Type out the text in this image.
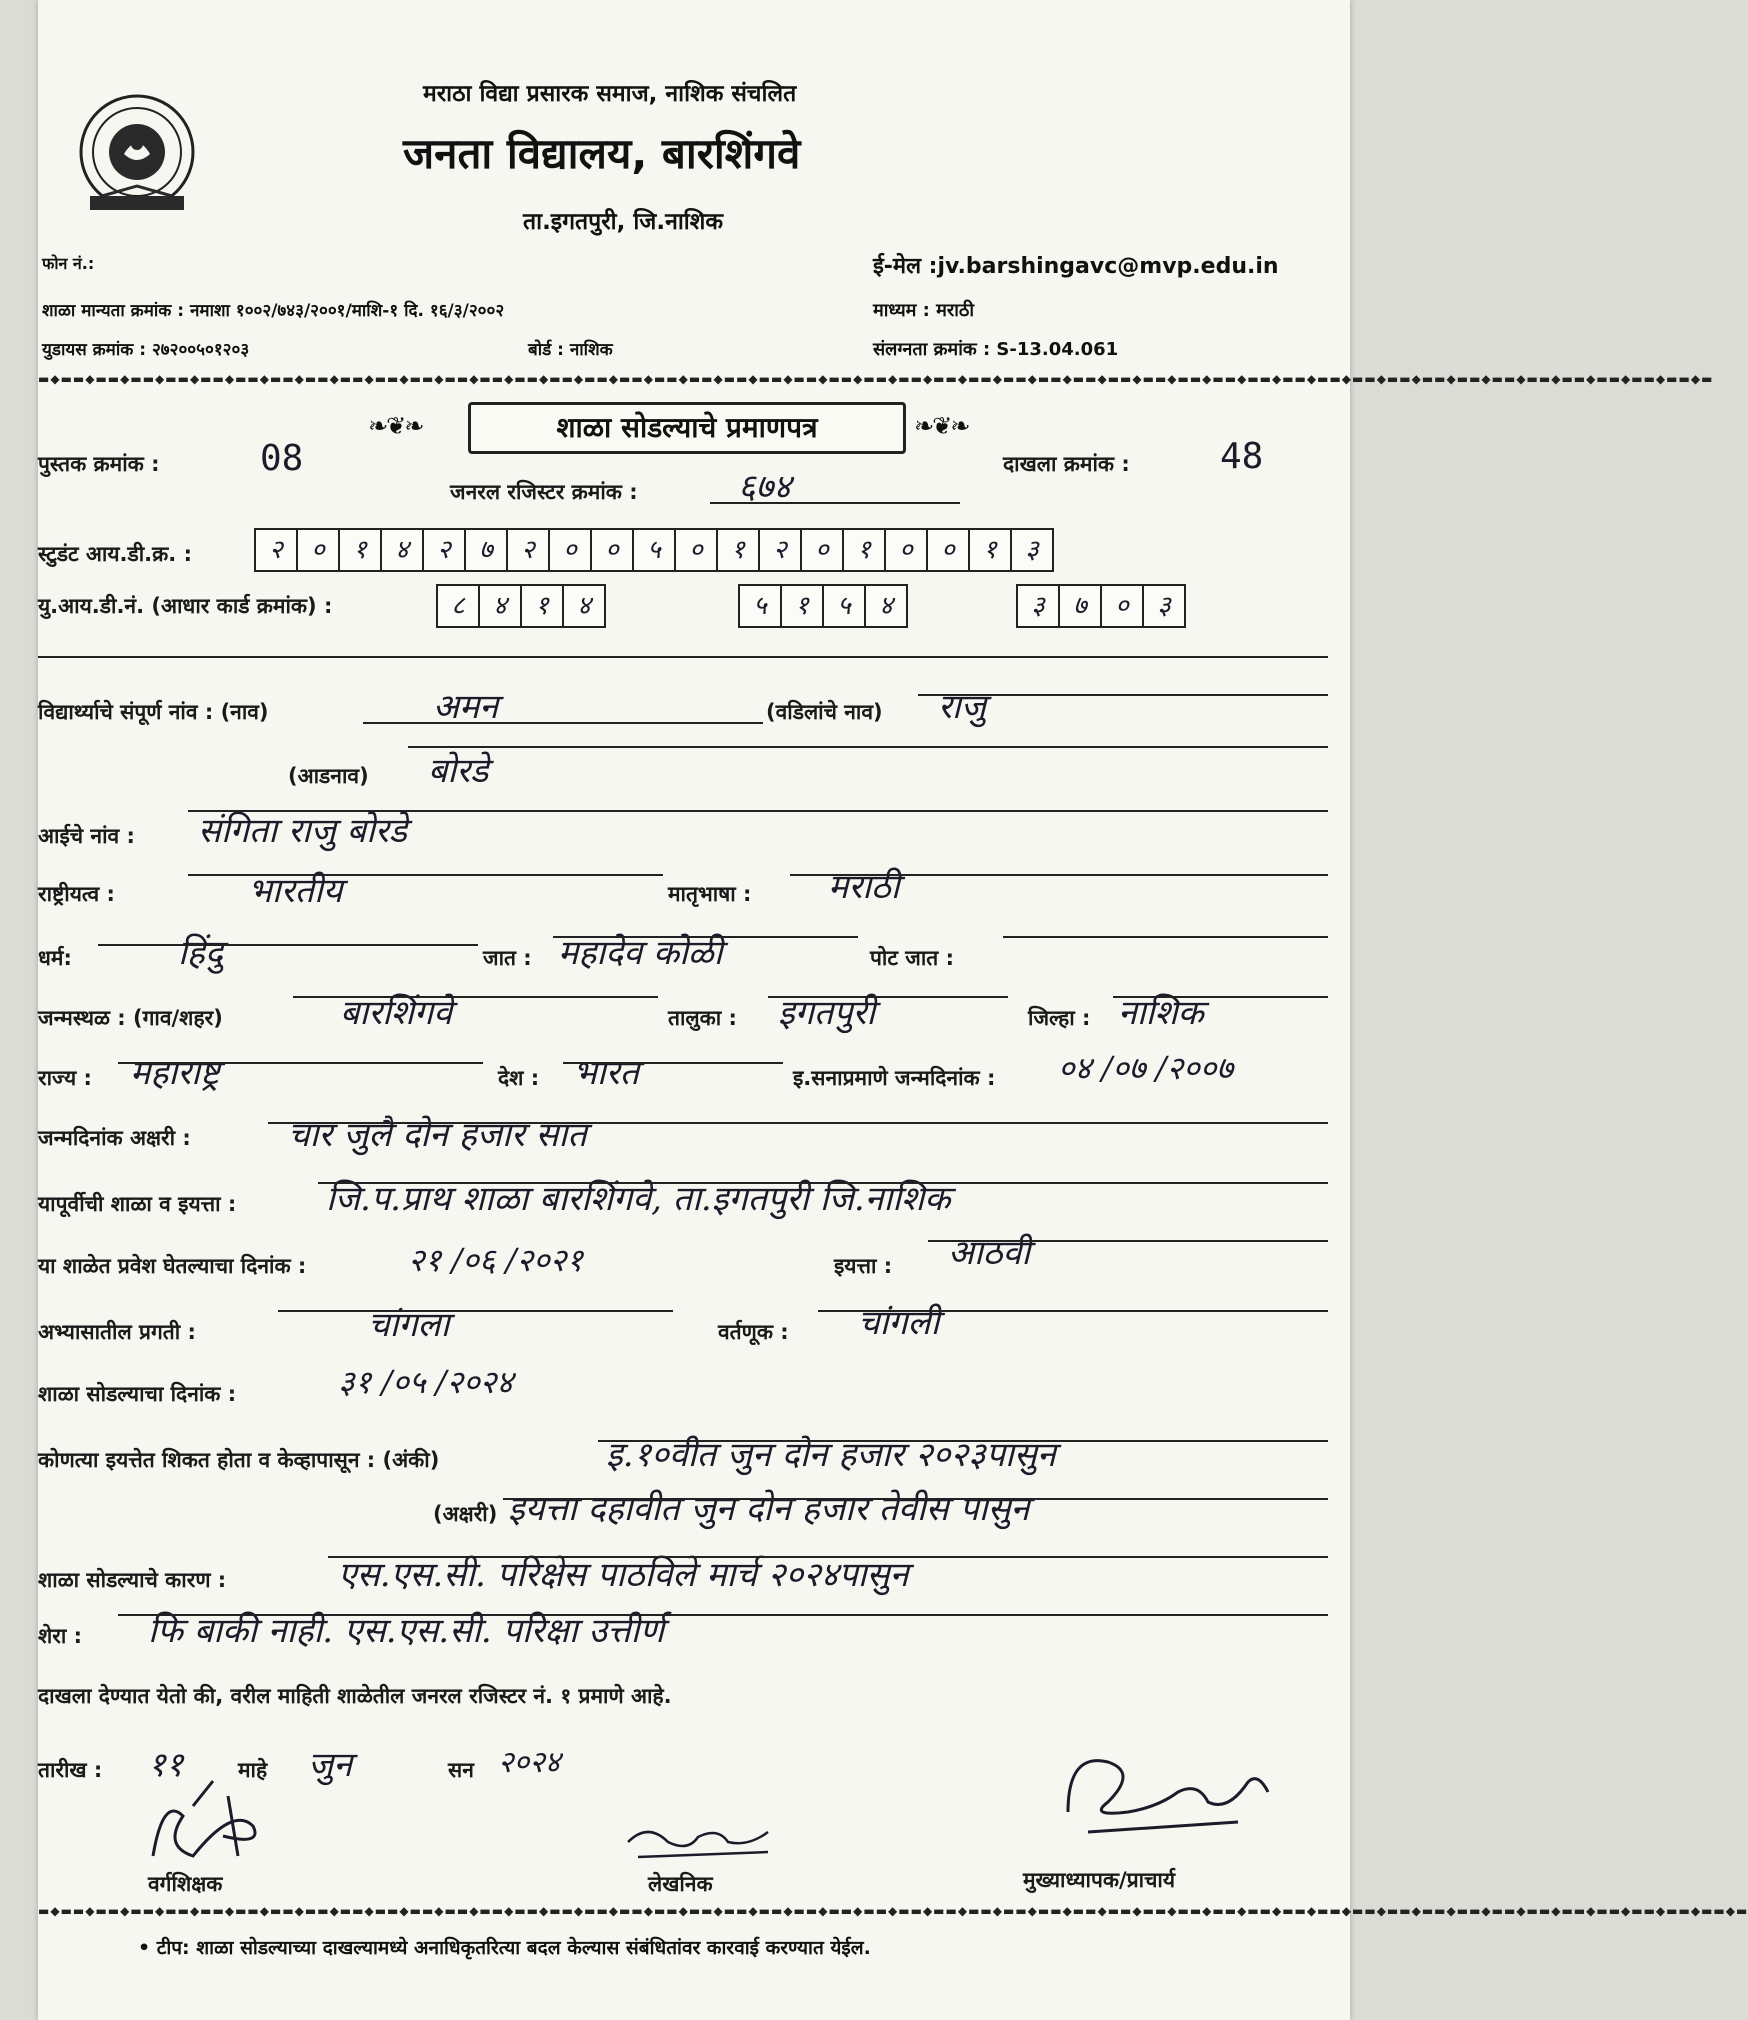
मराठा विद्या प्रसारक समाज, नाशिक संचलित
जनता विद्यालय, बारशिंगवे
ता.इगतपुरी, जि.नाशिक
फोन नं.:	ई-मेल :jv.barshingavc@mvp.edu.in
शाळा मान्यता क्रमांक : नमाशा १००२/७४३/२००१/माशि-१ दि. १६/३/२००२	माध्यम : मराठी
युडायस क्रमांक : २७२००५०१२०३	बोर्ड : नाशिक	संलग्नता क्रमांक : S-13.04.061
▬◆▬▬◆▬▬◆▬▬◆▬▬◆▬▬◆▬▬◆▬▬◆▬▬◆▬▬◆▬▬◆▬▬◆▬▬◆▬▬◆▬▬◆▬▬◆▬▬◆▬▬◆▬▬◆▬▬◆▬▬◆▬▬◆▬▬◆▬▬◆▬▬◆▬▬◆▬▬◆▬▬◆▬▬◆▬▬◆▬▬◆▬▬◆▬▬◆▬▬◆▬▬◆▬▬◆▬▬◆▬▬◆▬▬◆▬▬◆▬▬◆▬▬◆▬▬◆▬▬◆▬▬◆▬▬◆▬▬◆▬▬◆▬
❧❦❧	शाळा सोडल्याचे प्रमाणपत्र	❧❦❧
पुस्तक क्रमांक :	08	दाखला क्रमांक :	48
जनरल रजिस्टर क्रमांक :	६७४
स्टुडंट आय.डी.क्र. :	२	०	१	४	२	७	२	०	०	५	०	१	२	०	१	०	०	१	३
यु.आय.डी.नं. (आधार कार्ड क्रमांक) :	८	४	१	४	५	१	५	४	३	७	०	३
विद्यार्थ्याचे संपूर्ण नांव : (नाव)	अमन	(वडिलांचे नाव) राजु
(आडनाव) बोरडे
आईचे नांव : संगिता राजु बोरडे
राष्ट्रीयत्व :	भारतीय	मातृभाषा : मराठी
धर्म:	हिंदु	जात : महादेव कोळी	पोट जात :
जन्मस्थळ : (गाव/शहर)	बारशिंगवे	तालुका : इगतपुरी	जिल्हा : नाशिक
राज्य : महाराष्ट्र	देश : भारत	इ.सनाप्रमाणे जन्मदिनांक : ०४ /०७ /२००७
जन्मदिनांक अक्षरी :	चार जुलै दोन हजार सात
यापूर्वीची शाळा व इयत्ता :	जि.प.प्राथ शाळा बारशिंगवे, ता.इगतपुरी जि.नाशिक
या शाळेत प्रवेश घेतल्याचा दिनांक :	२१ /०६ /२०२१	इयत्ता : आठवी
अभ्यासातील प्रगती :	चांगला	वर्तणूक : चांगली
शाळा सोडल्याचा दिनांक :	३१ /०५ /२०२४
कोणत्या इयत्तेत शिकत होता व केव्हापासून : (अंकी)	इ.१०वीत जुन दोन हजार २०२३पासुन
(अक्षरी) इयत्ता दहावीत जुन दोन हजार तेवीस पासुन
शाळा सोडल्याचे कारण :	एस.एस.सी. परिक्षेस पाठविले मार्च २०२४पासुन
शेरा : फि बाकी नाही. एस.एस.सी. परिक्षा उत्तीर्ण
दाखला देण्यात येतो की, वरील माहिती शाळेतील जनरल रजिस्टर नं. १ प्रमाणे आहे.
तारीख : ११	माहे जुन	सन २०२४
वर्गशिक्षक	लेखनिक	मुख्याध्यापक/प्राचार्य
▬◆▬▬◆▬▬◆▬▬◆▬▬◆▬▬◆▬▬◆▬▬◆▬▬◆▬▬◆▬▬◆▬▬◆▬▬◆▬▬◆▬▬◆▬▬◆▬▬◆▬▬◆▬▬◆▬▬◆▬▬◆▬▬◆▬▬◆▬▬◆▬▬◆▬▬◆▬▬◆▬▬◆▬▬◆▬▬◆▬▬◆▬▬◆▬▬◆▬▬◆▬▬◆▬▬◆▬▬◆▬▬◆▬▬◆▬▬◆▬▬◆▬▬◆▬▬◆▬▬◆▬▬◆▬▬◆▬▬◆▬▬◆▬▬◆▬
• टीप: शाळा सोडल्याच्या दाखल्यामध्ये अनाधिकृतरित्या बदल केल्यास संबंधितांवर कारवाई करण्यात येईल.
